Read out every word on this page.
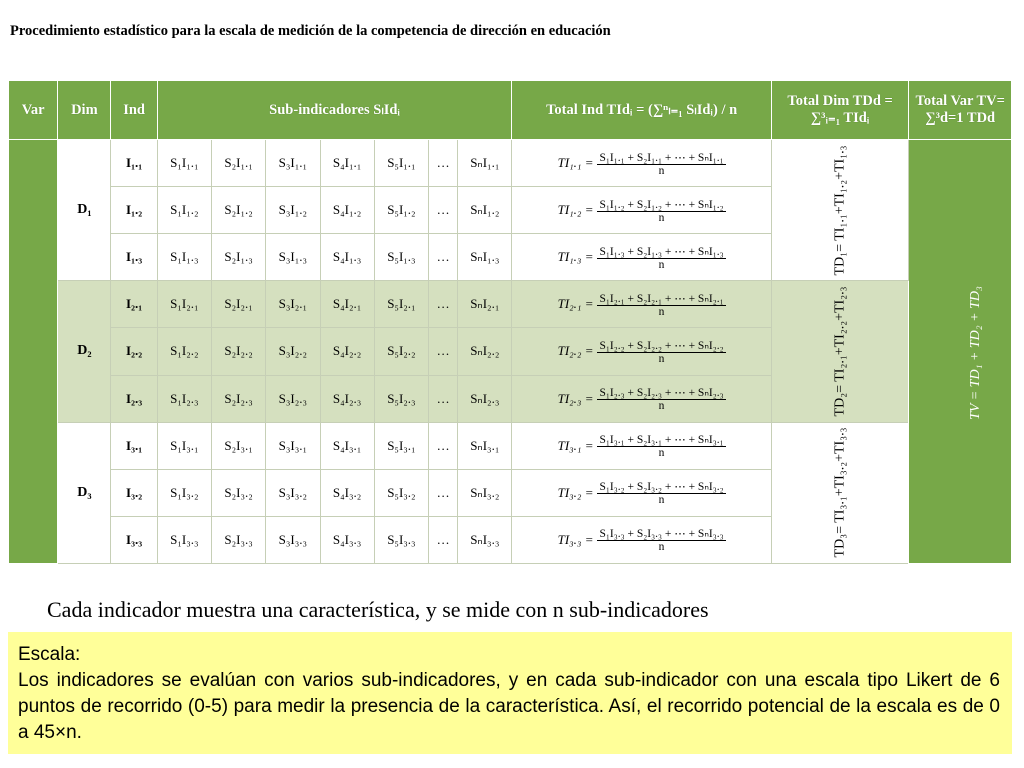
Procedimiento estadístico para la escala de medición de la competencia de dirección en educación
Var	Dim	Ind	Sub-indicadores SₗIdᵢ							Total Ind TIdᵢ = (∑ⁿₗ₌₁ SₗIdᵢ) / n	Total Dim TDd = ∑³ᵢ₌₁ TIdᵢ	Total Var TV= ∑³d=1 TDd
	D₁	I₁.₁	S₁I₁.₁	S₂I₁.₁	S₃I₁.₁	S₄I₁.₁	S₅I₁.₁	…	SₙI₁.₁	$TI_1._1 = \frac{\text{S₁I₁.₁ + S₂I₁.₁ + ⋯ + SₙI₁.₁}}{n}$	TD₁= TI₁.₁+TI₁.₂+TI₁.₃	TV = TD₁ + TD₂ + TD₃
		I₁.₂	S₁I₁.₂	S₂I₁.₂	S₃I₁.₂	S₄I₁.₂	S₅I₁.₂	…	SₙI₁.₂	$TI_1._2 = \frac{\text{S₁I₁.₂ + S₂I₁.₂ + ⋯ + SₙI₁.₂}}{n}$

		I₁.₃	S₁I₁.₃	S₂I₁.₃	S₃I₁.₃	S₄I₁.₃	S₅I₁.₃	…	SₙI₁.₃	$TI_1._3 = \frac{\text{S₁I₁.₃ + S₂I₁.₃ + ⋯ + SₙI₁.₃}}{n}$

	D₂	I₂.₁	S₁I₂.₁	S₂I₂.₁	S₃I₂.₁	S₄I₂.₁	S₅I₂.₁	…	SₙI₂.₁	$TI_2._1 = \frac{\text{S₁I₂.₁ + S₂I₂.₁ + ⋯ + SₙI₂.₁}}{n}$	TD₂= TI₂.₁+TI₂.₂+TI₂.₃	
		I₂.₂	S₁I₂.₂	S₂I₂.₂	S₃I₂.₂	S₄I₂.₂	S₅I₂.₂	…	SₙI₂.₂	$TI_2._2 = \frac{\text{S₁I₂.₂ + S₂I₂.₂ + ⋯ + SₙI₂.₂}}{n}$

		I₂.₃	S₁I₂.₃	S₂I₂.₃	S₃I₂.₃	S₄I₂.₃	S₅I₂.₃	…	SₙI₂.₃	$TI_2._3 = \frac{\text{S₁I₂.₃ + S₂I₂.₃ + ⋯ + SₙI₂.₃}}{n}$

	D₃	I₃.₁	S₁I₃.₁	S₂I₃.₁	S₃I₃.₁	S₄I₃.₁	S₅I₃.₁	…	SₙI₃.₁	$TI_3._1 = \frac{\text{S₁I₃.₁ + S₂I₃.₁ + ⋯ + SₙI₃.₁}}{n}$	TD₃= TI₃.₁+TI₃.₂+TI₃.₃	
		I₃.₂	S₁I₃.₂	S₂I₃.₂	S₃I₃.₂	S₄I₃.₂	S₅I₃.₂	…	SₙI₃.₂	$TI_3._2 = \frac{\text{S₁I₃.₂ + S₂I₃.₂ + ⋯ + SₙI₃.₂}}{n}$

		I₃.₃	S₁I₃.₃	S₂I₃.₃	S₃I₃.₃	S₄I₃.₃	S₅I₃.₃	…	SₙI₃.₃	$TI_3._3 = \frac{\text{S₁I₃.₃ + S₂I₃.₃ + ⋯ + SₙI₃.₃}}{n}$
Cada indicador muestra una característica, y se mide con n sub-indicadores
Escala:
Los indicadores se evalúan con varios sub-indicadores, y en cada sub-indicador con una escala tipo Likert de 6 puntos de recorrido (0-5) para medir la presencia de la característica. Así, el recorrido potencial de la escala es de 0 a 45×n.
